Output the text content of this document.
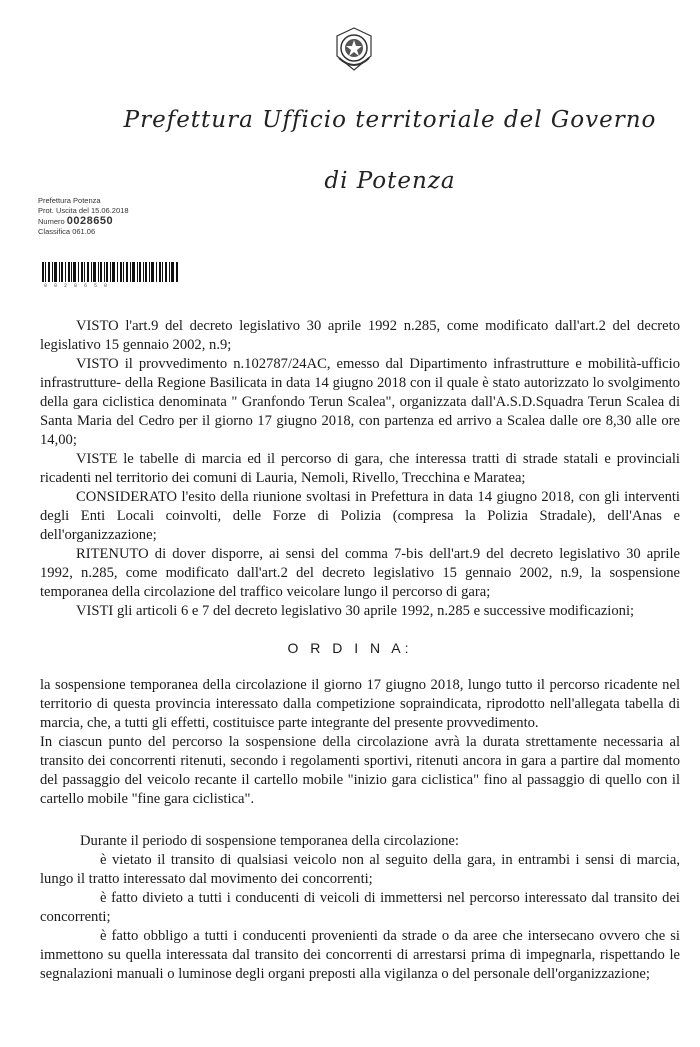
Prefettura Ufficio territoriale del Governo
di Potenza
Prefettura Potenza
Prot. Uscita del 15.06.2018
Numero 0028650
Classifica 061.06
0 0 2 8 6 5 0

VISTO l'art.9 del decreto legislativo 30 aprile 1992 n.285, come modificato dall'art.2 del decreto legislativo 15 gennaio 2002, n.9;

VISTO il provvedimento n.102787/24AC, emesso dal Dipartimento infrastrutture e mobilità-ufficio infrastrutture- della Regione Basilicata in data 14 giugno 2018 con il quale è stato autorizzato lo svolgimento della gara ciclistica denominata " Granfondo Terun Scalea", organizzata dall'A.S.D.Squadra Terun Scalea di Santa Maria del Cedro per il giorno 17 giugno 2018, con partenza ed arrivo a Scalea dalle ore 8,30 alle ore 14,00;

VISTE le tabelle di marcia ed il percorso di gara, che interessa tratti di strade statali e provinciali ricadenti nel territorio dei comuni di Lauria, Nemoli, Rivello, Trecchina e Maratea;

CONSIDERATO l'esito della riunione svoltasi in Prefettura in data 14 giugno 2018, con gli interventi degli Enti Locali coinvolti, delle Forze di Polizia (compresa la Polizia Stradale), dell'Anas e dell'organizzazione;

RITENUTO di dover disporre, ai sensi del comma 7-bis dell'art.9 del decreto legislativo 30 aprile 1992, n.285, come modificato dall'art.2 del decreto legislativo 15 gennaio 2002, n.9, la sospensione temporanea della circolazione del traffico veicolare lungo il percorso di gara;

VISTI gli articoli 6 e 7 del decreto legislativo 30 aprile 1992, n.285 e successive modificazioni;

O R D I N A:

la sospensione temporanea della circolazione il giorno 17 giugno 2018, lungo tutto il percorso ricadente nel territorio di questa provincia interessato dalla competizione sopraindicata, riprodotto nell'allegata tabella di marcia, che, a tutti gli effetti, costituisce parte integrante del presente provvedimento.

In ciascun punto del percorso la sospensione della circolazione avrà la durata strettamente necessaria al transito dei concorrenti ritenuti, secondo i regolamenti sportivi, ritenuti ancora in gara a partire dal momento del passaggio del veicolo recante il cartello mobile "inizio gara ciclistica" fino al passaggio di quello con il cartello mobile "fine gara ciclistica".

Durante il periodo di sospensione temporanea della circolazione:

è vietato il transito di qualsiasi veicolo non al seguito della gara, in entrambi i sensi di marcia, lungo il tratto interessato dal movimento dei concorrenti;

è fatto divieto a tutti i conducenti di veicoli di immettersi nel percorso interessato dal transito dei concorrenti;

è fatto obbligo a tutti i conducenti provenienti da strade o da aree che intersecano ovvero che si immettono su quella interessata dal transito dei concorrenti di arrestarsi prima di impegnarla, rispettando le segnalazioni manuali o luminose degli organi preposti alla vigilanza o del personale dell'organizzazione;
